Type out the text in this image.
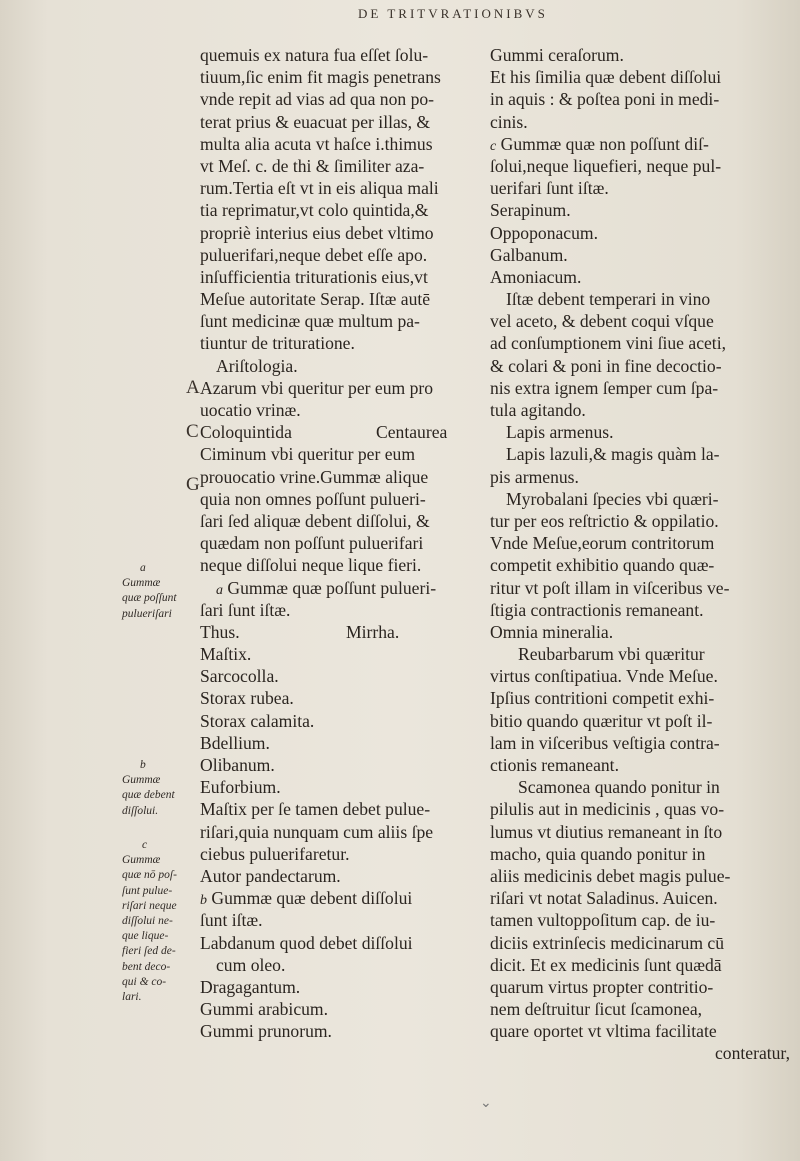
DE TRITVRATIONIBVS
A
C
G
a
Gummæ
quæ poſſunt
pulueriſari
b
Gummæ
quæ debent
diſſolui.
c
Gummæ
quæ nō poſ-
ſunt pulue-
riſari neque
diſſolui ne-
que lique-
fieri ſed de-
bent deco-
qui & co-
lari.
quemuis ex natura fua eſſet ſolu-
tiuum,ſic enim fit magis penetrans
vnde repit ad vias ad qua non po-
terat prius & euacuat per illas, &
multa alia acuta vt haſce i.thimus
vt Meſ. c. de thi & ſimiliter aza-
rum.Tertia eſt vt in eis aliqua mali
tia reprimatur,vt colo quintida,&
propriè interius eius debet vltimo
puluerifari,neque debet eſſe apo.
inſufficientia triturationis eius,vt
Meſue autoritate Serap. Iſtæ autē
ſunt medicinæ quæ multum pa-
tiuntur de trituratione.
Ariſtologia.
Azarum vbi queritur per eum pro
uocatio vrinæ.
Coloquintida	Centaurea
Ciminum vbi queritur per eum
prouocatio vrine.Gummæ alique
quia non omnes poſſunt pulueri-
ſari ſed aliquæ debent diſſolui, &
quædam non poſſunt puluerifari
neque diſſolui neque lique fieri.
a Gummæ quæ poſſunt pulueri-
ſari ſunt iſtæ.
Thus.	Mirrha.
Maſtix.
Sarcocolla.
Storax rubea.
Storax calamita.
Bdellium.
Olibanum.
Euforbium.
Maſtix per ſe tamen debet pulue-
riſari,quia nunquam cum aliis ſpe
ciebus puluerifaretur.
Autor pandectarum.
b Gummæ quæ debent diſſolui
ſunt iſtæ.
Labdanum quod debet diſſolui
cum oleo.
Dragagantum.
Gummi arabicum.
Gummi prunorum.
Gummi ceraſorum.
Et his ſimilia quæ debent diſſolui
in aquis : & poſtea poni in medi-
cinis.
c Gummæ quæ non poſſunt diſ-
ſolui,neque liquefieri, neque pul-
uerifari ſunt iſtæ.
Serapinum.
Oppoponacum.
Galbanum.
Amoniacum.
Iſtæ debent temperari in vino
vel aceto, & debent coqui vſque
ad conſumptionem vini ſiue aceti,
& colari & poni in fine decoctio-
nis extra ignem ſemper cum ſpa-
tula agitando.
Lapis armenus.
Lapis lazuli,& magis quàm la-
pis armenus.
Myrobalani ſpecies vbi quæri-
tur per eos reſtrictio & oppilatio.
Vnde Meſue,eorum contritorum
competit exhibitio quando quæ-
ritur vt poſt illam in viſceribus ve-
ſtigia contractionis remaneant.
Omnia mineralia.
Reubarbarum vbi quæritur
virtus conſtipatiua. Vnde Meſue.
Ipſius contritioni competit exhi-
bitio quando quæritur vt poſt il-
lam in viſceribus veſtigia contra-
ctionis remaneant.
Scamonea quando ponitur in
pilulis aut in medicinis , quas vo-
lumus vt diutius remaneant in ſto
macho, quia quando ponitur in
aliis medicinis debet magis pulue-
riſari vt notat Saladinus. Auicen.
tamen vultoppoſitum cap. de iu-
diciis extrinſecis medicinarum cū
dicit. Et ex medicinis ſunt quædā
quarum virtus propter contritio-
nem deſtruitur ſicut ſcamonea,
quare oportet vt vltima facilitate
conteratur,
⌄
